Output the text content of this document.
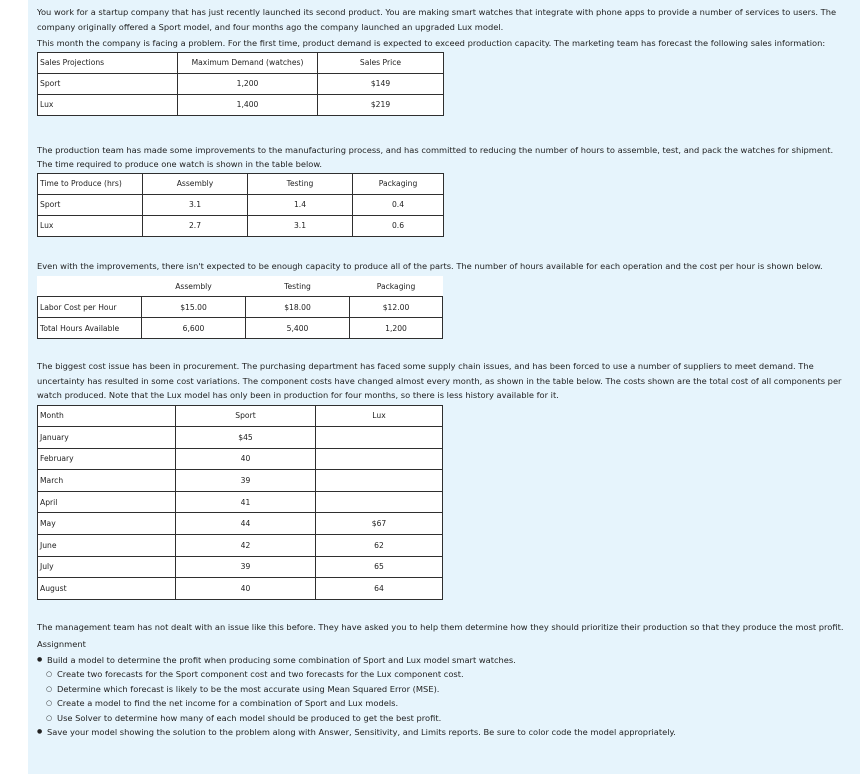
You work for a startup company that has just recently launched its second product. You are making smart watches that integrate with phone apps to provide a number of services to users. The company originally offered a Sport model, and four months ago the company launched an upgraded Lux model.

This month the company is facing a problem. For the first time, product demand is expected to exceed production capacity. The marketing team has forecast the following sales information:

Sales Projections	Maximum Demand (watches)	Sales Price
Sport	1,200	$149
Lux	1,400	$219

The production team has made some improvements to the manufacturing process, and has committed to reducing the number of hours to assemble, test, and pack the watches for shipment. The time required to produce one watch is shown in the table below.

Time to Produce (hrs)	Assembly	Testing	Packaging
Sport	3.1	1.4	0.4
Lux	2.7	3.1	0.6

Even with the improvements, there isn't expected to be enough capacity to produce all of the parts. The number of hours available for each operation and the cost per hour is shown below.

	Assembly	Testing	Packaging
Labor Cost per Hour	$15.00	$18.00	$12.00
Total Hours Available	6,600	5,400	1,200

The biggest cost issue has been in procurement. The purchasing department has faced some supply chain issues, and has been forced to use a number of suppliers to meet demand. The uncertainty has resulted in some cost variations. The component costs have changed almost every month, as shown in the table below. The costs shown are the total cost of all components per watch produced. Note that the Lux model has only been in production for four months, so there is less history available for it.

Month	Sport	Lux
January	$45	
February	40	
March	39	
April	41	
May	44	$67
June	42	62
July	39	65
August	40	64

The management team has not dealt with an issue like this before. They have asked you to help them determine how they should prioritize their production so that they produce the most profit.

Assignment

● Build a model to determine the profit when producing some combination of Sport and Lux model smart watches.
○ Create two forecasts for the Sport component cost and two forecasts for the Lux component cost.
○ Determine which forecast is likely to be the most accurate using Mean Squared Error (MSE).
○ Create a model to find the net income for a combination of Sport and Lux models.
○ Use Solver to determine how many of each model should be produced to get the best profit.
● Save your model showing the solution to the problem along with Answer, Sensitivity, and Limits reports. Be sure to color code the model appropriately.
